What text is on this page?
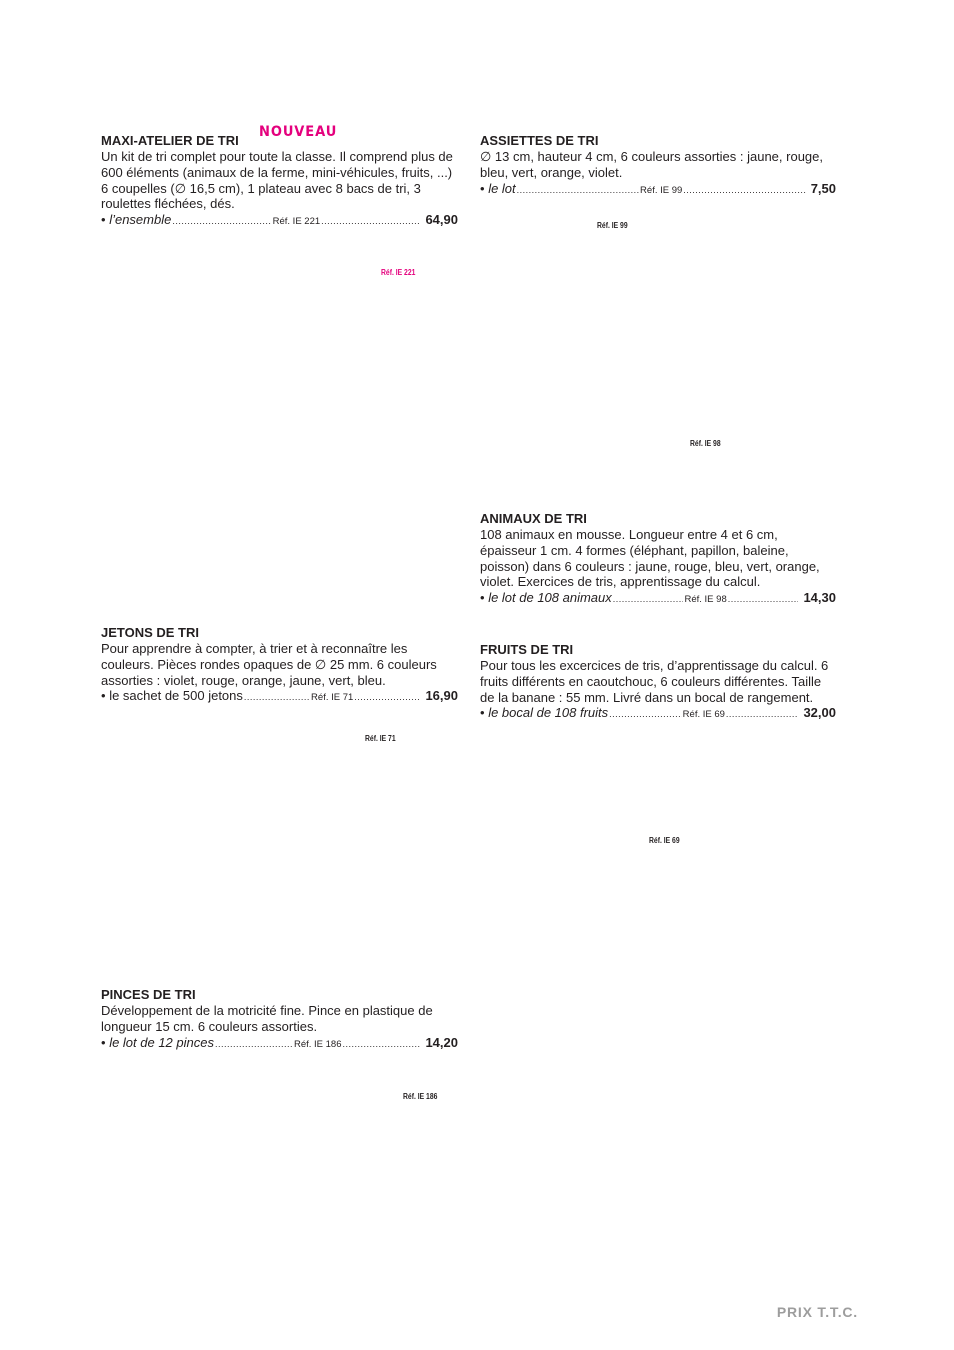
MAXI-ATELIER DE TRI

Un kit de tri complet pour toute la classe. Il comprend plus de 600 éléments (animaux de la ferme, mini-véhicules, fruits, ...) 6 coupelles (∅ 16,5 cm), 1 plateau avec 8 bacs de tri, 3 roulettes fléchées, dés.

•
l’ensemble .....	Réf. IE 221 .....	64,90
NOUVEAU
Réf. IE 221
ASSIETTES DE TRI

∅ 13 cm, hauteur 4 cm, 6 couleurs assorties : jaune, rouge, bleu, vert, orange, violet.

•
le lot .....	Réf. IE 99 .....	7,50
Réf. IE 99
Réf. IE 98
ANIMAUX DE TRI

108 animaux en mousse. Longueur entre 4 et 6 cm, épaisseur 1 cm. 4 formes (éléphant, papillon, baleine, poisson) dans 6 couleurs : jaune, rouge, bleu, vert, orange, violet. Exercices de tris, apprentissage du calcul.

•
le lot de 108 animaux .....	Réf. IE 98 .....	14,30
JETONS DE TRI

Pour apprendre à compter, à trier et à reconnaître les couleurs. Pièces rondes opaques de ∅ 25 mm. 6 couleurs assorties : violet, rouge, orange, jaune, vert, bleu.

•
le sachet de 500 jetons .....	Réf. IE 71 .....	16,90
Réf. IE 71
FRUITS DE TRI

Pour tous les excercices de tris, d’apprentissage du calcul. 6 fruits différents en caoutchouc, 6 couleurs différentes. Taille de la banane : 55 mm. Livré dans un bocal de rangement.

•
le bocal de 108 fruits .....	Réf. IE 69 .....	32,00
Réf. IE 69
PINCES DE TRI

Développement de la motricité fine. Pince en plastique de longueur 15 cm. 6 couleurs assorties.

•
le lot de 12 pinces .....	Réf. IE 186 .....	14,20
Réf. IE 186
PRIX T.T.C.
